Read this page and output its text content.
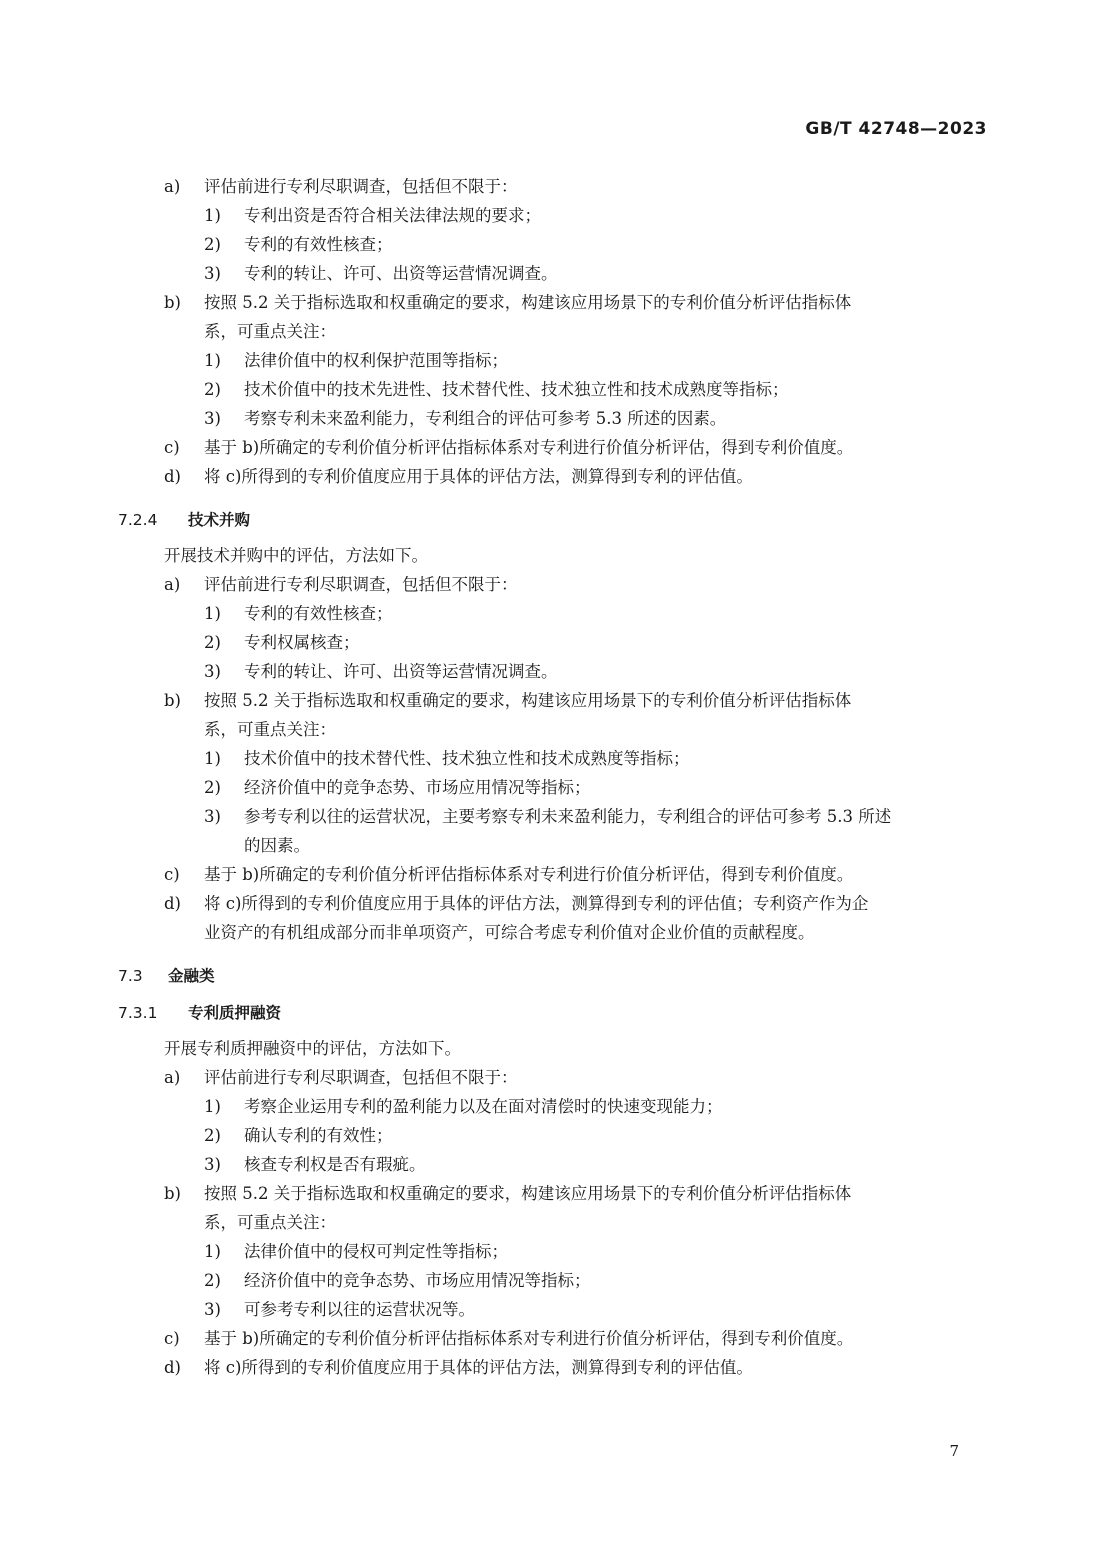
GB/T 42748—2023
a) 评估前进行专利尽职调查，包括但不限于：
1) 专利出资是否符合相关法律法规的要求；
2) 专利的有效性核查；
3) 专利的转让、许可、出资等运营情况调查。
b) 按照 5.2 关于指标选取和权重确定的要求，构建该应用场景下的专利价值分析评估指标体
系，可重点关注：
1) 法律价值中的权利保护范围等指标；
2) 技术价值中的技术先进性、技术替代性、技术独立性和技术成熟度等指标；
3) 考察专利未来盈利能力，专利组合的评估可参考 5.3 所述的因素。
c) 基于 b)所确定的专利价值分析评估指标体系对专利进行价值分析评估，得到专利价值度。
d) 将 c)所得到的专利价值度应用于具体的评估方法，测算得到专利的评估值。
7.2.4 技术并购
开展技术并购中的评估，方法如下。
a) 评估前进行专利尽职调查，包括但不限于：
1) 专利的有效性核查；
2) 专利权属核查；
3) 专利的转让、许可、出资等运营情况调查。
b) 按照 5.2 关于指标选取和权重确定的要求，构建该应用场景下的专利价值分析评估指标体
系，可重点关注：
1) 技术价值中的技术替代性、技术独立性和技术成熟度等指标；
2) 经济价值中的竞争态势、市场应用情况等指标；
3) 参考专利以往的运营状况，主要考察专利未来盈利能力，专利组合的评估可参考 5.3 所述
的因素。
c) 基于 b)所确定的专利价值分析评估指标体系对专利进行价值分析评估，得到专利价值度。
d) 将 c)所得到的专利价值度应用于具体的评估方法，测算得到专利的评估值；专利资产作为企
业资产的有机组成部分而非单项资产，可综合考虑专利价值对企业价值的贡献程度。
7.3 金融类
7.3.1 专利质押融资
开展专利质押融资中的评估，方法如下。
a) 评估前进行专利尽职调查，包括但不限于：
1) 考察企业运用专利的盈利能力以及在面对清偿时的快速变现能力；
2) 确认专利的有效性；
3) 核查专利权是否有瑕疵。
b) 按照 5.2 关于指标选取和权重确定的要求，构建该应用场景下的专利价值分析评估指标体
系，可重点关注：
1) 法律价值中的侵权可判定性等指标；
2) 经济价值中的竞争态势、市场应用情况等指标；
3) 可参考专利以往的运营状况等。
c) 基于 b)所确定的专利价值分析评估指标体系对专利进行价值分析评估，得到专利价值度。
d) 将 c)所得到的专利价值度应用于具体的评估方法，测算得到专利的评估值。
7
